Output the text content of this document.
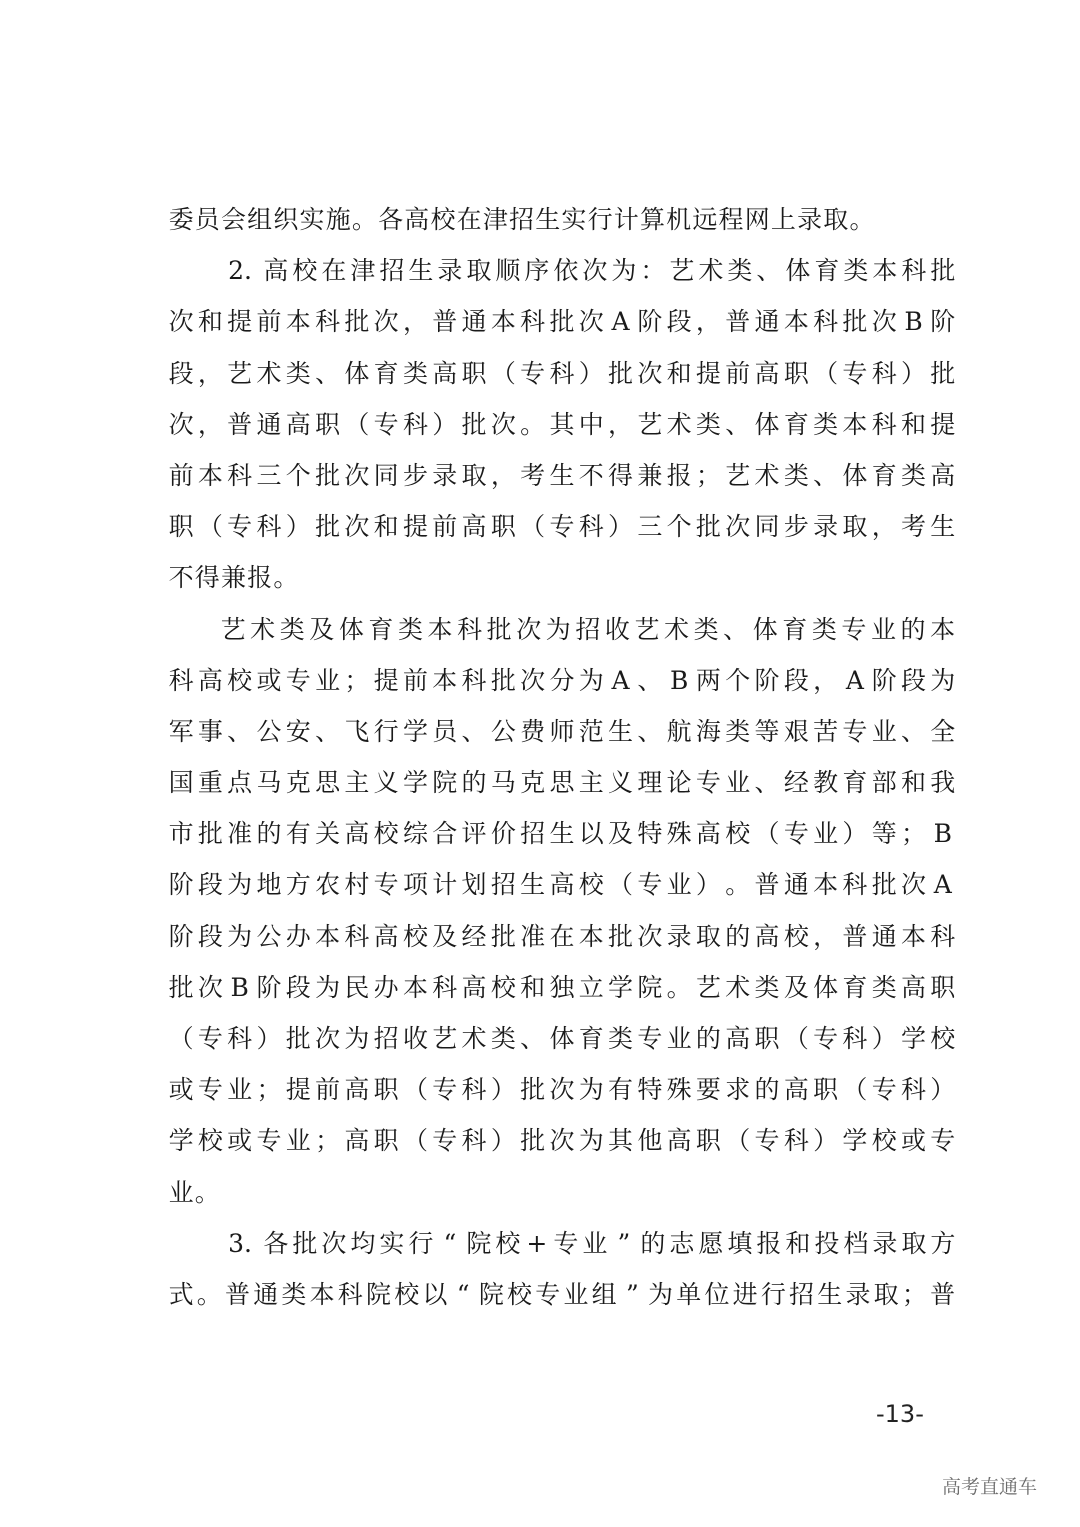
委 员 会 组 织 实 施 。 各 高 校 在 津 招 生 实 行 计 算 机 远 程 网 上 录 取 。
2. 高 校 在 津 招 生 录 取 顺 序 依 次 为 ： 艺 术 类 、 体 育 类 本 科 批
次 和 提 前 本 科 批 次 ， 普 通 本 科 批 次 A 阶 段 ， 普 通 本 科 批 次 B 阶
段 ， 艺 术 类 、 体 育 类 高 职 （ 专 科 ） 批 次 和 提 前 高 职 （ 专 科 ） 批
次 ， 普 通 高 职 （ 专 科 ） 批 次 。 其 中 ， 艺 术 类 、 体 育 类 本 科 和 提
前 本 科 三 个 批 次 同 步 录 取 ， 考 生 不 得 兼 报 ； 艺 术 类 、 体 育 类 高
职 （ 专 科 ） 批 次 和 提 前 高 职 （ 专 科 ） 三 个 批 次 同 步 录 取 ， 考 生
不 得 兼 报 。
艺 术 类 及 体 育 类 本 科 批 次 为 招 收 艺 术 类 、 体 育 类 专 业 的 本
科 高 校 或 专 业 ； 提 前 本 科 批 次 分 为 A 、 B 两 个 阶 段 ， A 阶 段 为
军 事 、 公 安 、 飞 行 学 员 、 公 费 师 范 生 、 航 海 类 等 艰 苦 专 业 、 全
国 重 点 马 克 思 主 义 学 院 的 马 克 思 主 义 理 论 专 业 、 经 教 育 部 和 我
市 批 准 的 有 关 高 校 综 合 评 价 招 生 以 及 特 殊 高 校 （ 专 业 ） 等 ； B
阶 段 为 地 方 农 村 专 项 计 划 招 生 高 校 （ 专 业 ） 。 普 通 本 科 批 次 A
阶 段 为 公 办 本 科 高 校 及 经 批 准 在 本 批 次 录 取 的 高 校 ， 普 通 本 科
批 次 B 阶 段 为 民 办 本 科 高 校 和 独 立 学 院 。 艺 术 类 及 体 育 类 高 职
（ 专 科 ） 批 次 为 招 收 艺 术 类 、 体 育 类 专 业 的 高 职 （ 专 科 ） 学 校
或 专 业 ； 提 前 高 职 （ 专 科 ） 批 次 为 有 特 殊 要 求 的 高 职 （ 专 科 ）
学 校 或 专 业 ； 高 职 （ 专 科 ） 批 次 为 其 他 高 职 （ 专 科 ） 学 校 或 专
业 。
3. 各 批 次 均 实 行 “ 院 校 + 专 业 ” 的 志 愿 填 报 和 投 档 录 取 方
式 。 普 通 类 本 科 院 校 以 “ 院 校 专 业 组 ” 为 单 位 进 行 招 生 录 取 ； 普
-13-
高考直通车
